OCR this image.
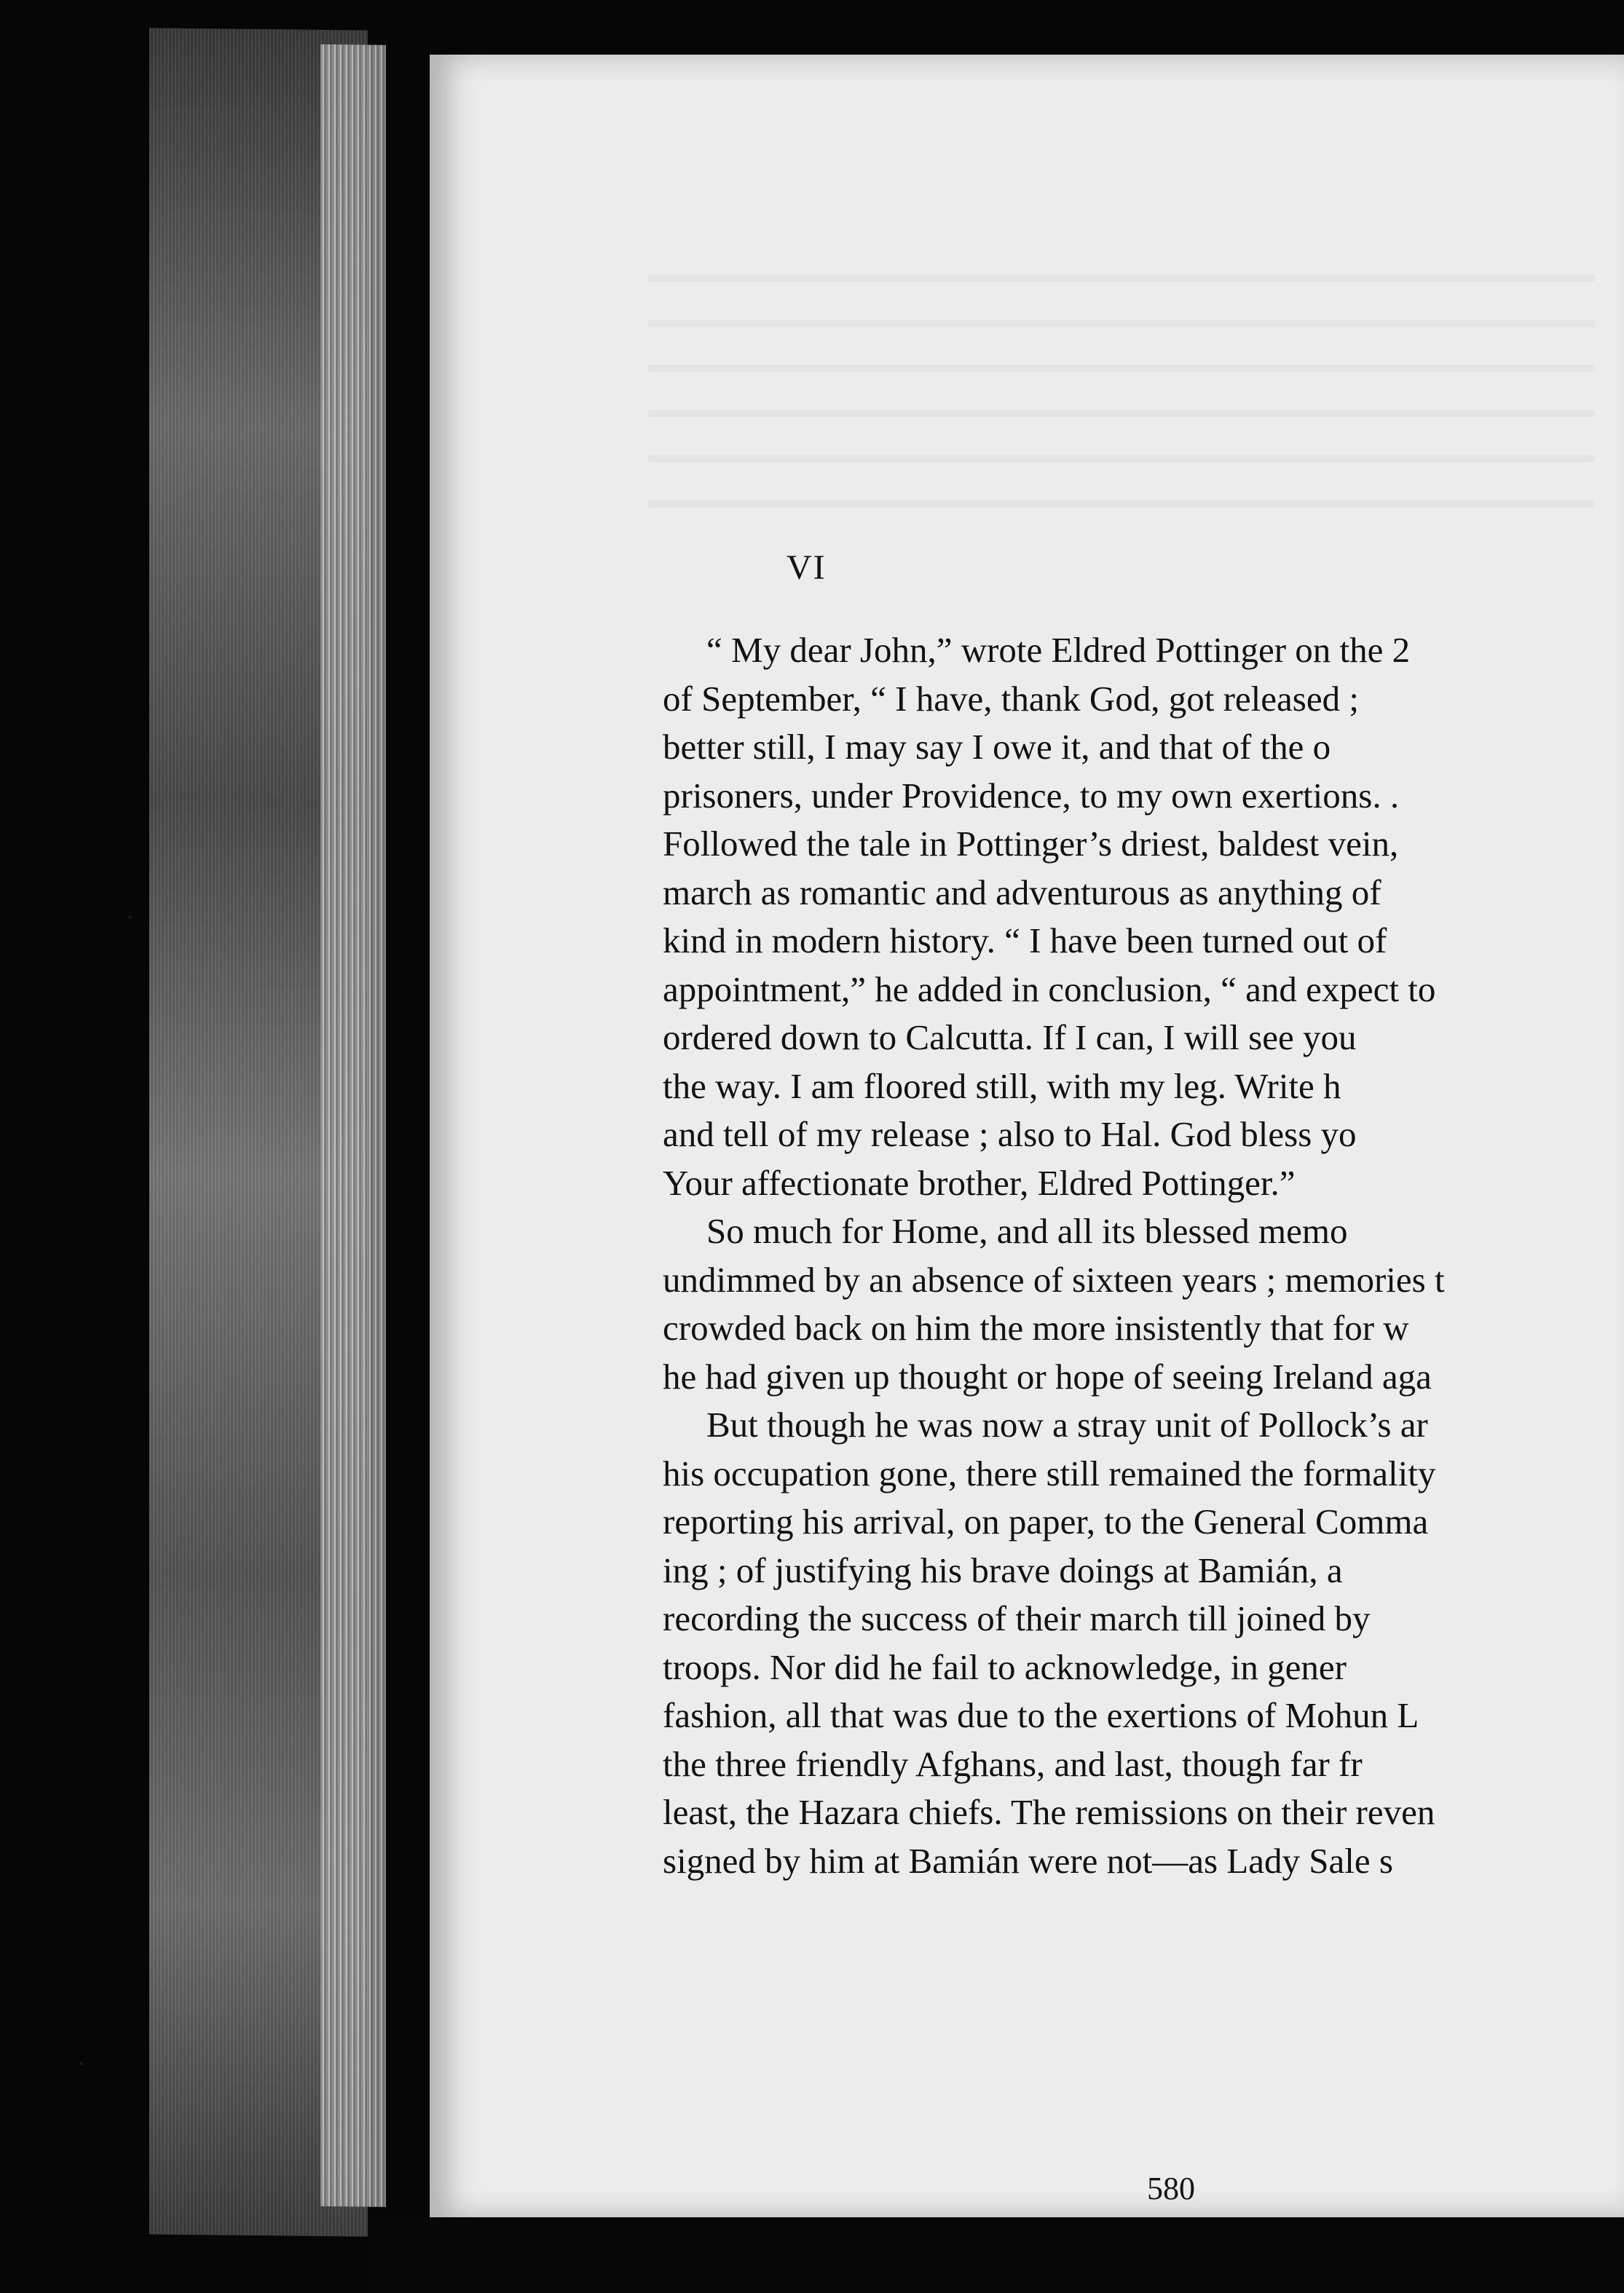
VI
“ My dear John,” wrote Eldred Pottinger on the 2
of September, “ I have, thank God, got released ;
better still, I may say I owe it, and that of the o
prisoners, under Providence, to my own exertions. .
Followed the tale in Pottinger’s driest, baldest vein,
march as romantic and adventurous as anything of
kind in modern history. “ I have been turned out of
appointment,” he added in conclusion, “ and expect to
ordered down to Calcutta. If I can, I will see you
the way. I am floored still, with my leg. Write h
and tell of my release ; also to Hal. God bless yo
Your affectionate brother, Eldred Pottinger.”
So much for Home, and all its blessed memo
undimmed by an absence of sixteen years ; memories t
crowded back on him the more insistently that for w
he had given up thought or hope of seeing Ireland aga
But though he was now a stray unit of Pollock’s ar
his occupation gone, there still remained the formality
reporting his arrival, on paper, to the General Comma
ing ; of justifying his brave doings at Bamián, a
recording the success of their march till joined by
troops. Nor did he fail to acknowledge, in gener
fashion, all that was due to the exertions of Mohun L
the three friendly Afghans, and last, though far fr
least, the Hazara chiefs. The remissions on their reven
signed by him at Bamián were not—as Lady Sale s
580
